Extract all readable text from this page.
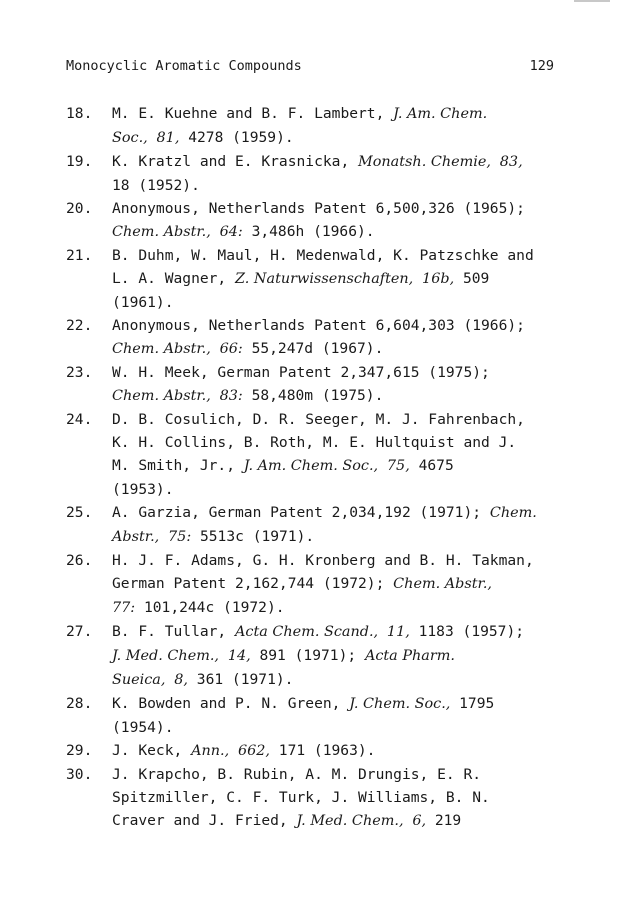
Monocyclic Aromatic Compounds	129
18. M. E. Kuehne and B. F. Lambert, J. Am. Chem.
Soc., 81, 4278 (1959).
19. K. Kratzl and E. Krasnicka, Monatsh. Chemie, 83,
18 (1952).
20. Anonymous, Netherlands Patent 6,500,326 (1965);
Chem. Abstr., 64: 3,486h (1966).
21. B. Duhm, W. Maul, H. Medenwald, K. Patzschke and
L. A. Wagner, Z. Naturwissenschaften, 16b, 509
(1961).
22. Anonymous, Netherlands Patent 6,604,303 (1966);
Chem. Abstr., 66: 55,247d (1967).
23. W. H. Meek, German Patent 2,347,615 (1975);
Chem. Abstr., 83: 58,480m (1975).
24. D. B. Cosulich, D. R. Seeger, M. J. Fahrenbach,
K. H. Collins, B. Roth, M. E. Hultquist and J.
M. Smith, Jr., J. Am. Chem. Soc., 75, 4675
(1953).
25. A. Garzia, German Patent 2,034,192 (1971); Chem.
Abstr., 75: 5513c (1971).
26. H. J. F. Adams, G. H. Kronberg and B. H. Takman,
German Patent 2,162,744 (1972); Chem. Abstr.,
77: 101,244c (1972).
27. B. F. Tullar, Acta Chem. Scand., 11, 1183 (1957);
J. Med. Chem., 14, 891 (1971); Acta Pharm.
Sueica, 8, 361 (1971).
28. K. Bowden and P. N. Green, J. Chem. Soc., 1795
(1954).
29. J. Keck, Ann., 662, 171 (1963).
30. J. Krapcho, B. Rubin, A. M. Drungis, E. R.
Spitzmiller, C. F. Turk, J. Williams, B. N.
Craver and J. Fried, J. Med. Chem., 6, 219
